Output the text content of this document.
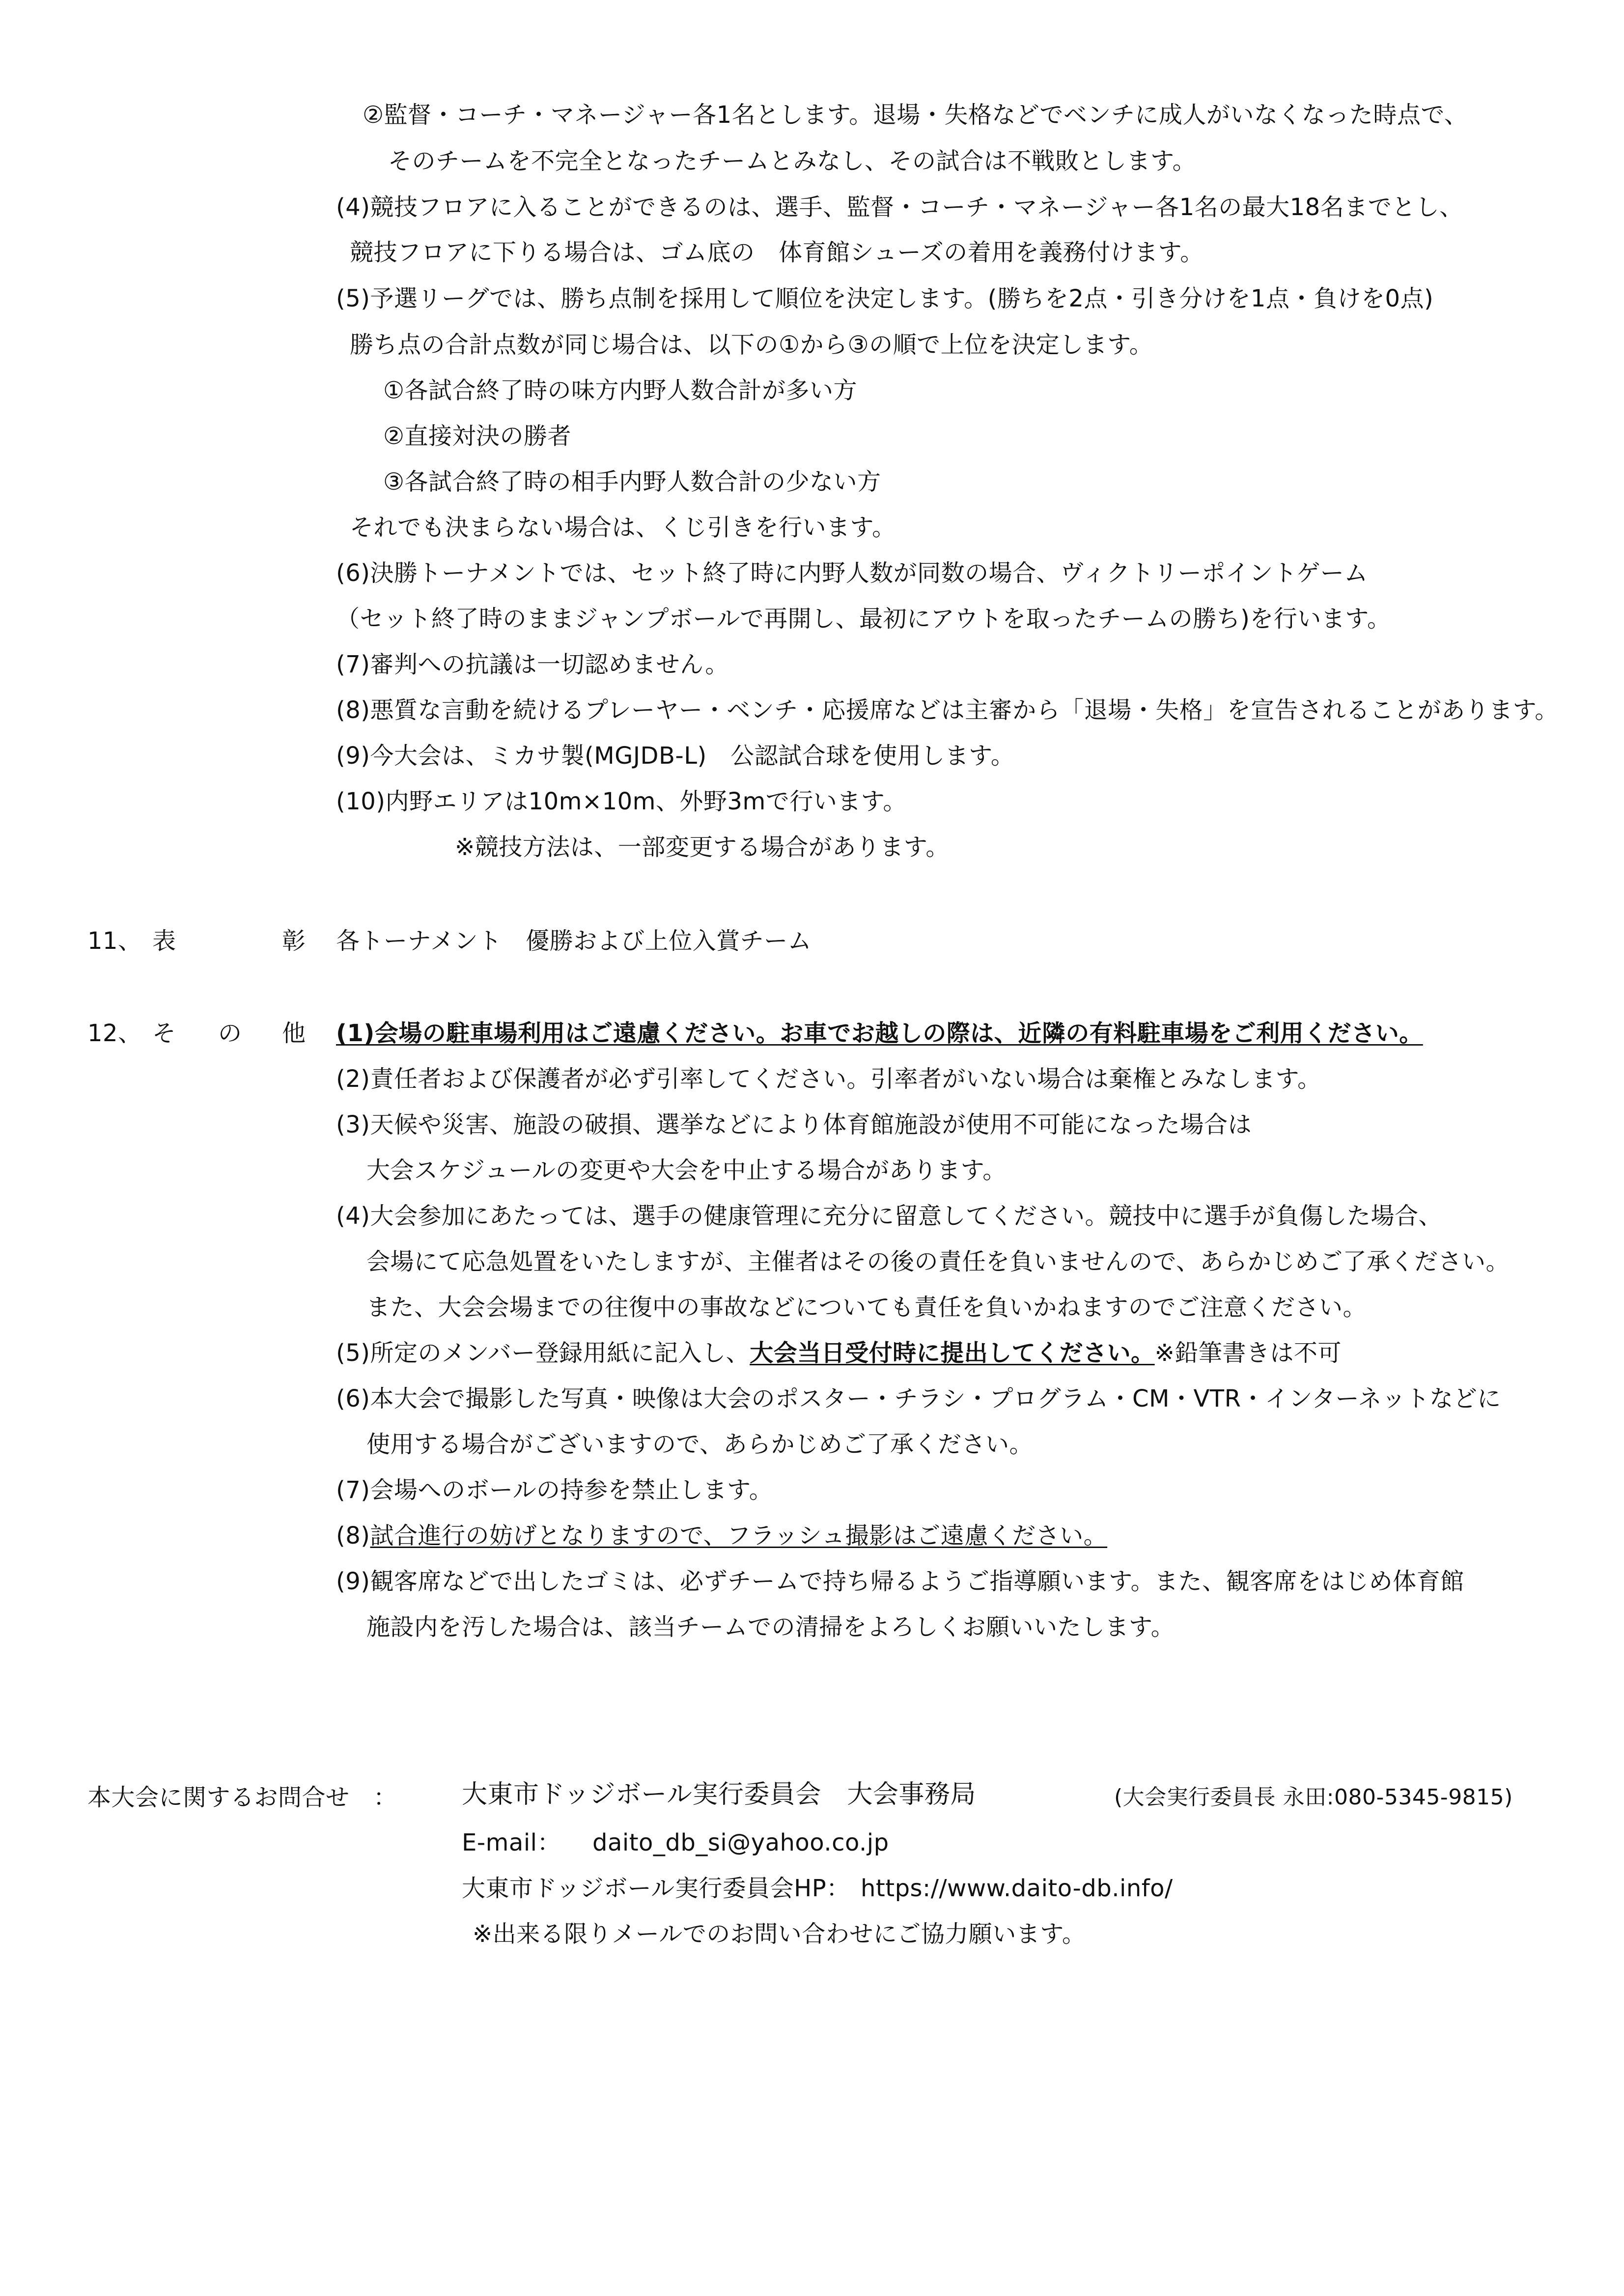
②監督・コーチ・マネージャー各1名とします。退場・失格などでベンチに成人がいなくなった時点で、
そのチームを不完全となったチームとみなし、その試合は不戦敗とします。
(4)競技フロアに入ることができるのは、選手、監督・コーチ・マネージャー各1名の最大18名までとし、
競技フロアに下りる場合は、ゴム底の　体育館シューズの着用を義務付けます。
(5)予選リーグでは、勝ち点制を採用して順位を決定します。(勝ちを2点・引き分けを1点・負けを0点)
勝ち点の合計点数が同じ場合は、以下の①から③の順で上位を決定します。
①各試合終了時の味方内野人数合計が多い方
②直接対決の勝者
③各試合終了時の相手内野人数合計の少ない方
それでも決まらない場合は、くじ引きを行います。
(6)決勝トーナメントでは、セット終了時に内野人数が同数の場合、ヴィクトリーポイントゲーム
（セット終了時のままジャンプボールで再開し、最初にアウトを取ったチームの勝ち)を行います。
(7)審判への抗議は一切認めません。
(8)悪質な言動を続けるプレーヤー・ベンチ・応援席などは主審から「退場・失格」を宣告されることがあります。
(9)今大会は、ミカサ製(MGJDB-L)　公認試合球を使用します。
(10)内野エリアは10m×10m、外野3mで行います。
※競技方法は、一部変更する場合があります。
11、 表	彰 各トーナメント　優勝および上位入賞チーム
12、 そ の 他 (1)会場の駐車場利用はご遠慮ください。お車でお越しの際は、近隣の有料駐車場をご利用ください。
(2)責任者および保護者が必ず引率してください。引率者がいない場合は棄権とみなします。
(3)天候や災害、施設の破損、選挙などにより体育館施設が使用不可能になった場合は
大会スケジュールの変更や大会を中止する場合があります。
(4)大会参加にあたっては、選手の健康管理に充分に留意してください。競技中に選手が負傷した場合、
会場にて応急処置をいたしますが、主催者はその後の責任を負いませんので、あらかじめご了承ください。
また、大会会場までの往復中の事故などについても責任を負いかねますのでご注意ください。
(5)所定のメンバー登録用紙に記入し、大会当日受付時に提出してください。※鉛筆書きは不可
(6)本大会で撮影した写真・映像は大会のポスター・チラシ・プログラム・CM・VTR・インターネットなどに
使用する場合がございますので、あらかじめご了承ください。
(7)会場へのボールの持参を禁止します。
(8)試合進行の妨げとなりますので、フラッシュ撮影はご遠慮ください。
(9)観客席などで出したゴミは、必ずチームで持ち帰るようご指導願います。また、観客席をはじめ体育館
施設内を汚した場合は、該当チームでの清掃をよろしくお願いいたします。
本大会に関するお問合せ　：	大東市ドッジボール実行委員会　大会事務局	(大会実行委員長 永田:080-5345-9815)
E-mail： daito_db_si@yahoo.co.jp
大東市ドッジボール実行委員会HP： https://www.daito-db.info/
※出来る限りメールでのお問い合わせにご協力願います。
